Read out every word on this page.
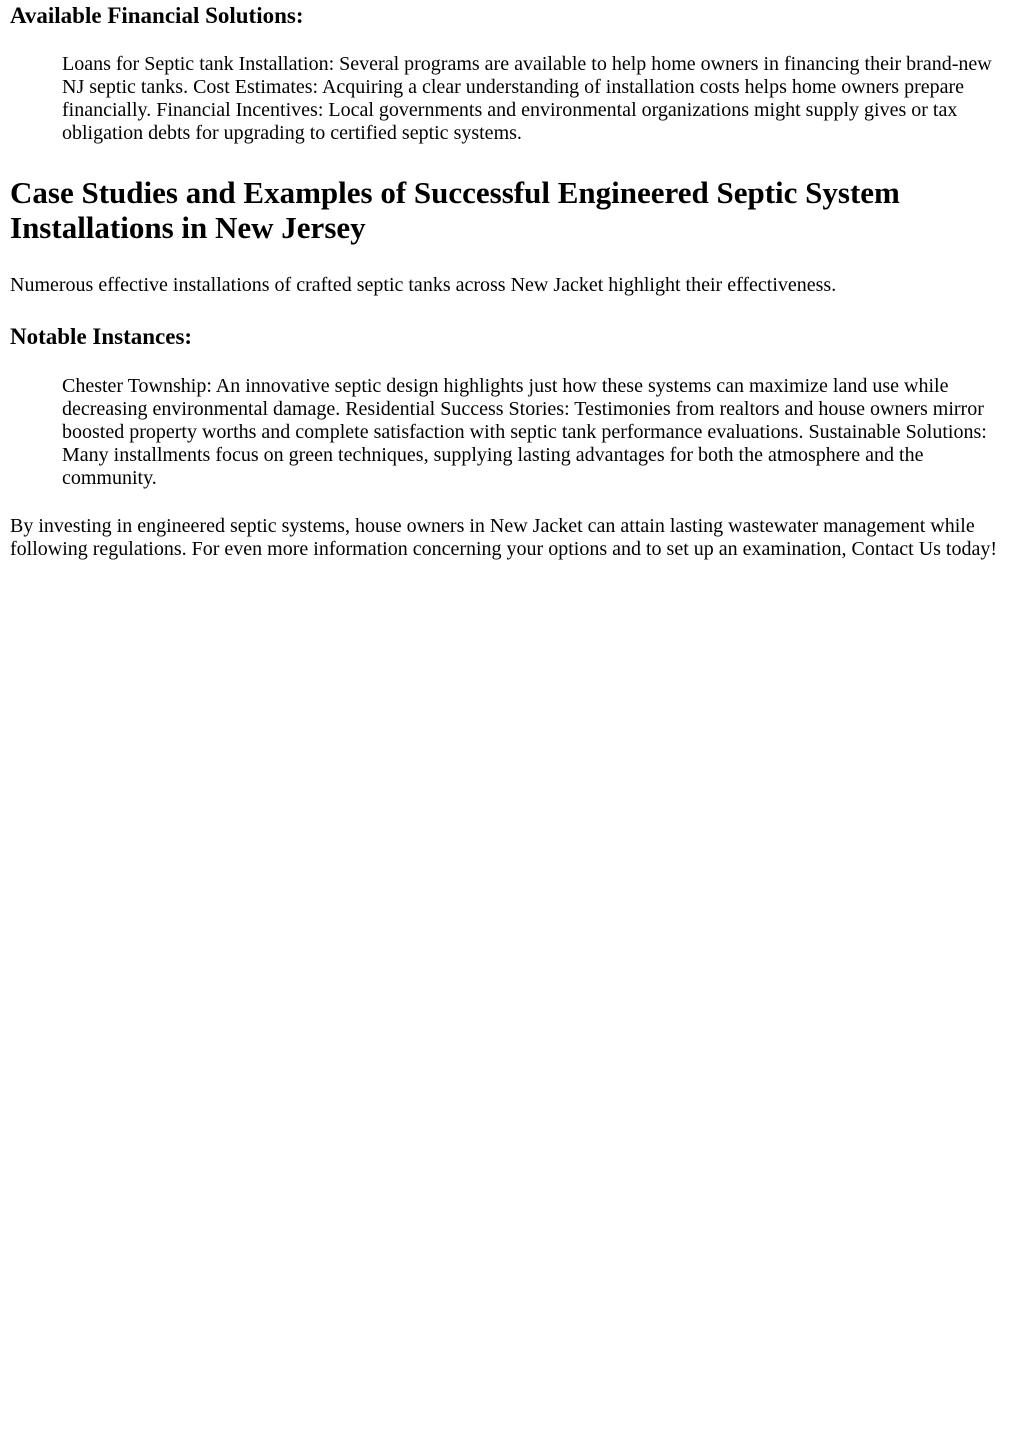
Available Financial Solutions:
Loans for Septic tank Installation: Several programs are available to help home owners in financing their brand-new NJ septic tanks. Cost Estimates: Acquiring a clear understanding of installation costs helps home owners prepare financially. Financial Incentives: Local governments and environmental organizations might supply gives or tax obligation debts for upgrading to certified septic systems.
Case Studies and Examples of Successful Engineered Septic System Installations in New Jersey

Numerous effective installations of crafted septic tanks across New Jacket highlight their effectiveness.

Notable Instances:
Chester Township: An innovative septic design highlights just how these systems can maximize land use while decreasing environmental damage. Residential Success Stories: Testimonies from realtors and house owners mirror boosted property worths and complete satisfaction with septic tank performance evaluations. Sustainable Solutions: Many installments focus on green techniques, supplying lasting advantages for both the atmosphere and the community.

By investing in engineered septic systems, house owners in New Jacket can attain lasting wastewater management while following regulations. For even more information concerning your options and to set up an examination, Contact Us today!
